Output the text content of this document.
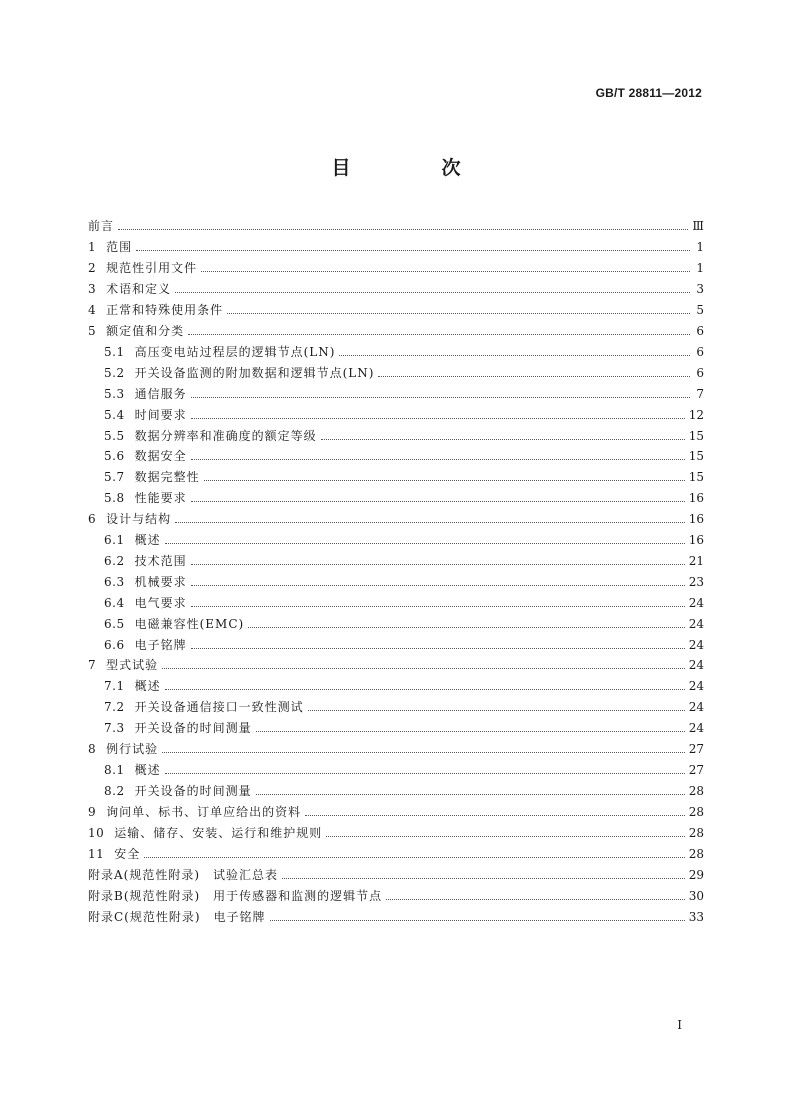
GB/T 28811—2012
目　次
前言	Ⅲ
1 范围	1
2 规范性引用文件	1
3 术语和定义	3
4 正常和特殊使用条件	5
5 额定值和分类	6
5.1 高压变电站过程层的逻辑节点(LN)	6
5.2 开关设备监测的附加数据和逻辑节点(LN)	6
5.3 通信服务	7
5.4 时间要求	12
5.5 数据分辨率和准确度的额定等级	15
5.6 数据安全	15
5.7 数据完整性	15
5.8 性能要求	16
6 设计与结构	16
6.1 概述	16
6.2 技术范围	21
6.3 机械要求	23
6.4 电气要求	24
6.5 电磁兼容性(EMC)	24
6.6 电子铭牌	24
7 型式试验	24
7.1 概述	24
7.2 开关设备通信接口一致性测试	24
7.3 开关设备的时间测量	24
8 例行试验	27
8.1 概述	27
8.2 开关设备的时间测量	28
9 询问单、标书、订单应给出的资料	28
10 运输、储存、安装、运行和维护规则	28
11 安全	28
附录A(规范性附录)　试验汇总表	29
附录B(规范性附录)　用于传感器和监测的逻辑节点	30
附录C(规范性附录)　电子铭牌	33
I
